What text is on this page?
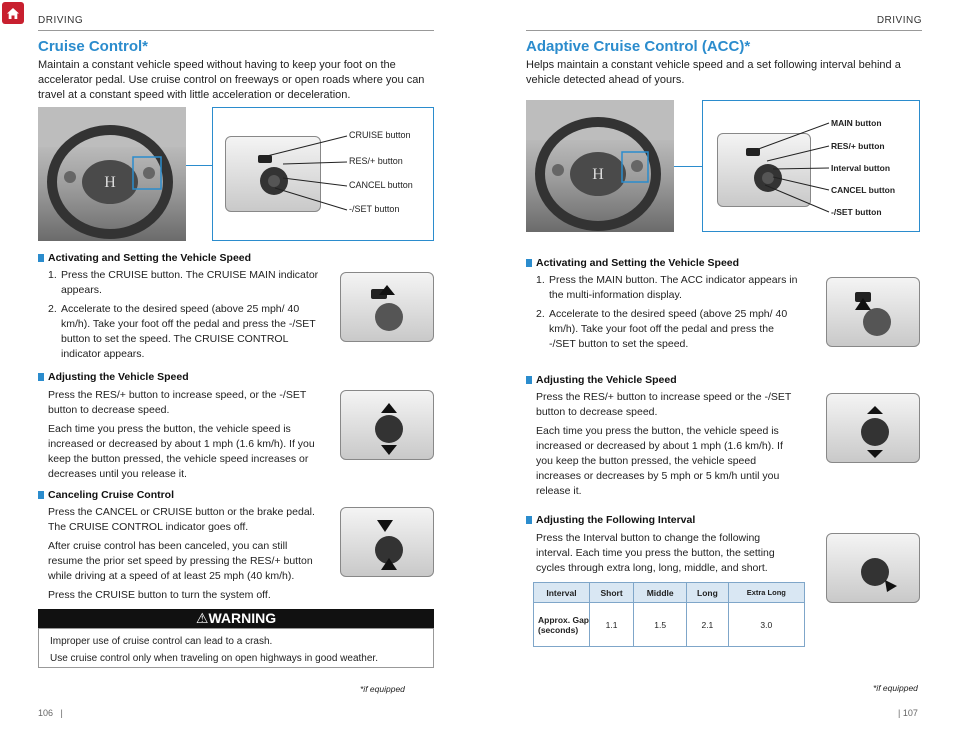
DRIVING	DRIVING
Cruise Control*
Maintain a constant vehicle speed without having to keep your foot on the accelerator pedal. Use cruise control on freeways or open roads where you can travel at a constant speed with little acceleration or deceleration.
H
CRUISE button
RES/+ button
CANCEL button
-/SET button
Activating and Setting the Vehicle Speed
1. Press the CRUISE button. The CRUISE MAIN indicator appears.
2. Accelerate to the desired speed (above 25 mph/ 40 km/h). Take your foot off the pedal and press the -/SET button to set the speed. The CRUISE CONTROL indicator appears.
Adjusting the Vehicle Speed

Press the RES/+ button to increase speed, or the -/SET button to decrease speed.

Each time you press the button, the vehicle speed is increased or decreased by about 1 mph (1.6 km/h). If you keep the button pressed, the vehicle speed increases or decreases until you release it.

Canceling Cruise Control

Press the CANCEL or CRUISE button or the brake pedal. The CRUISE CONTROL indicator goes off.

After cruise control has been canceled, you can still resume the prior set speed by pressing the RES/+ button while driving at a speed of at least 25 mph (40 km/h).

Press the CRUISE button to turn the system off.

⚠WARNING
Improper use of cruise control can lead to a crash.
Use cruise control only when traveling on open highways in good weather.
*if equipped
106   |
Adaptive Cruise Control (ACC)*
Helps maintain a constant vehicle speed and a set following interval behind a vehicle detected ahead of yours.
H
MAIN button
RES/+ button
Interval button
CANCEL button
-/SET button
Activating and Setting the Vehicle Speed
1. Press the MAIN button. The ACC indicator appears in the multi-information display.
2. Accelerate to the desired speed (above 25 mph/ 40 km/h). Take your foot off the pedal and press the -/SET button to set the speed.
Adjusting the Vehicle Speed

Press the RES/+ button to increase speed or the -/SET button to decrease speed.

Each time you press the button, the vehicle speed is increased or decreased by about 1 mph (1.6 km/h). If you keep the button pressed, the vehicle speed increases or decreases by 5 mph or 5 km/h until you release it.

Adjusting the Following Interval

Press the Interval button to change the following interval. Each time you press the button, the setting cycles through extra long, long, middle, and short.

Interval	Short	Middle	Long	Extra Long
Approx. Gap (seconds)	1.1	1.5	2.1	3.0
*if equipped
| 107
